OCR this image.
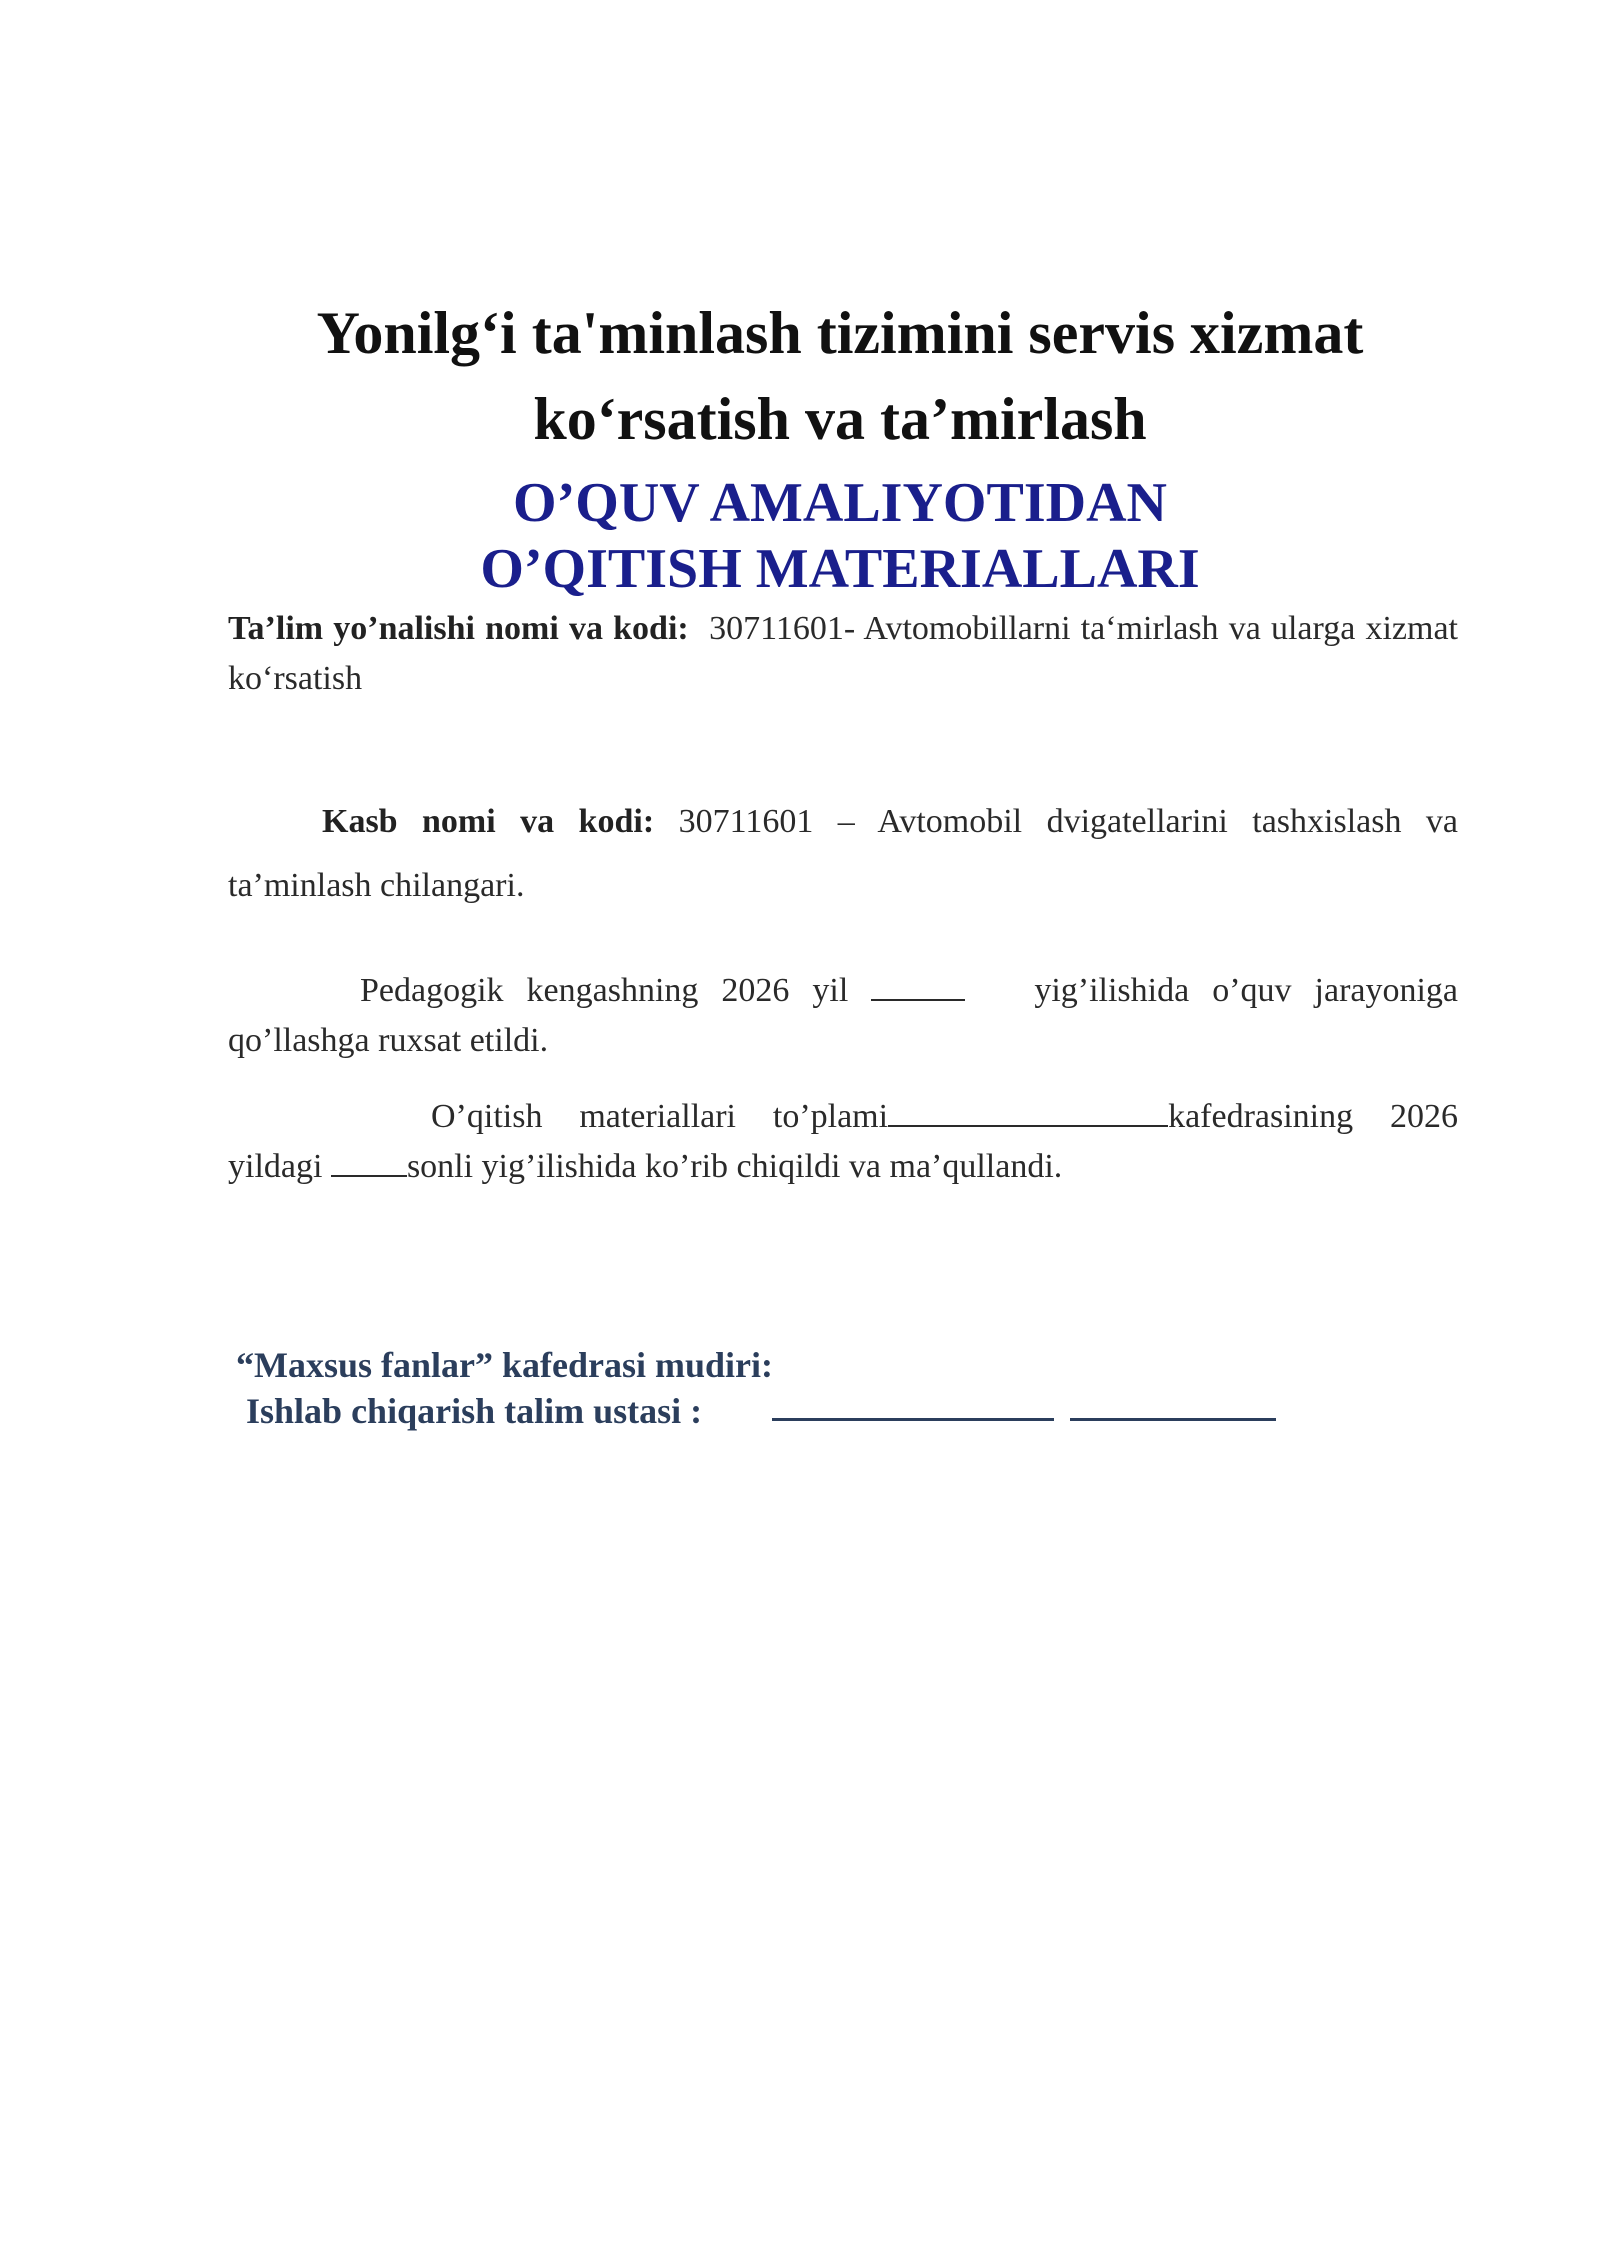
Yonilg‘i ta'minlash tizimini servis xizmat
ko‘rsatish va ta’mirlash
O’QUV AMALIYOTIDAN
O’QITISH MATERIALLARI
Ta’lim yo’nalishi nomi va kodi: 30711601- Avtomobillarni ta‘mirlash va ularga xizmat ko‘rsatish
Kasb nomi va kodi: 30711601 – Avtomobil dvigatellarini tashxislash va ta’minlash chilangari.
Pedagogik kengashning 2026 yil	yig’ilishida o’quv jarayoniga qo’llashga ruxsat etildi.
O’qitish materiallari to’plami	kafedrasining 2026 yildagi sonli yig’ilishida ko’rib chiqildi va ma’qullandi.
“Maxsus fanlar” kafedrasi mudiri:
Ishlab chiqarish talim ustasi :
